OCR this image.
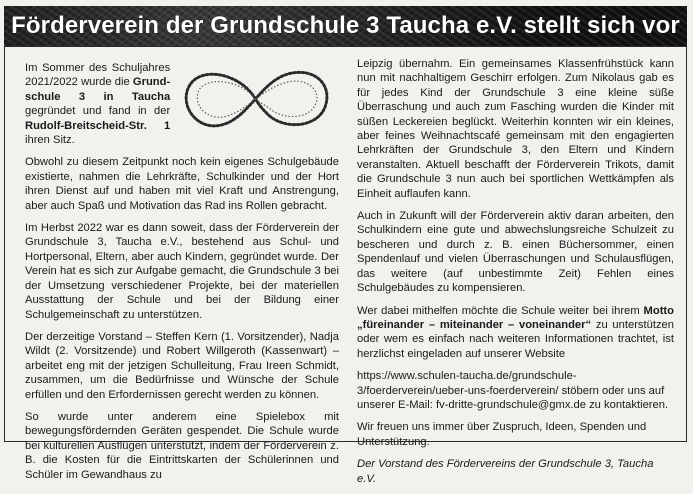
Förderverein der Grundschule 3 Taucha e.V. stellt sich vor

Im Sommer des Schuljahres 2021/2022 wurde die Grundschule 3 in Taucha gegründet und fand in der Rudolf-Breitscheid-Str. 1 ihren Sitz.

Obwohl zu diesem Zeitpunkt noch kein eigenes Schulgebäude existierte, nahmen die Lehrkräfte, Schulkinder und der Hort ihren Dienst auf und haben mit viel Kraft und Anstrengung, aber auch Spaß und Motivation das Rad ins Rollen gebracht.

Im Herbst 2022 war es dann soweit, dass der Förderverein der Grundschule 3, Taucha e.V., bestehend aus Schul- und Hortpersonal, Eltern, aber auch Kindern, gegründet wurde. Der Verein hat es sich zur Aufgabe gemacht, die Grundschule 3 bei der Umsetzung verschiedener Projekte, bei der materiellen Ausstattung der Schule und bei der Bildung einer Schulgemeinschaft zu unterstützen.

Der derzeitige Vorstand – Steffen Kern (1. Vorsitzender), Nadja Wildt (2. Vorsitzende) und Robert Willgeroth (Kassenwart) – arbeitet eng mit der jetzigen Schulleitung, Frau Ireen Schmidt, zusammen, um die Bedürfnisse und Wünsche der Schule erfüllen und den Erfordernissen gerecht werden zu können.

So wurde unter anderem eine Spielebox mit bewegungsfördernden Geräten gespendet. Die Schule wurde bei kulturellen Ausflügen unterstützt, indem der Förderverein z. B. die Kosten für die Eintrittskarten der Schülerinnen und Schüler im Gewandhaus zu

Leipzig übernahm. Ein gemeinsames Klassenfrühstück kann nun mit nachhaltigem Geschirr erfolgen. Zum Nikolaus gab es für jedes Kind der Grundschule 3 eine kleine süße Überraschung und auch zum Fasching wurden die Kinder mit süßen Leckereien beglückt. Weiterhin konnten wir ein kleines, aber feines Weihnachtscafé gemeinsam mit den engagierten Lehrkräften der Grundschule 3, den Eltern und Kindern veranstalten. Aktuell beschafft der Förderverein Trikots, damit die Grundschule 3 nun auch bei sportlichen Wettkämpfen als Einheit auflaufen kann.

Auch in Zukunft will der Förderverein aktiv daran arbeiten, den Schulkindern eine gute und abwechslungsreiche Schulzeit zu bescheren und durch z. B. einen Büchersommer, einen Spendenlauf und vielen Überraschungen und Schulausflügen, das weitere (auf unbestimmte Zeit) Fehlen eines Schulgebäudes zu kompensieren.

Wer dabei mithelfen möchte die Schule weiter bei ihrem Motto „füreinander – miteinander – voneinander“ zu unterstützen oder wem es einfach nach weiteren Informationen trachtet, ist herzlichst eingeladen auf unserer Website

https://www.schulen-taucha.de/grundschule-3/foerderverein/ueber-uns-foerderverein/ stöbern oder uns auf unserer E-Mail: fv-dritte-grundschule@gmx.de zu kontaktieren.

Wir freuen uns immer über Zuspruch, Ideen, Spenden und Unterstützung.

Der Vorstand des Fördervereins der Grundschule 3, Taucha e.V.
